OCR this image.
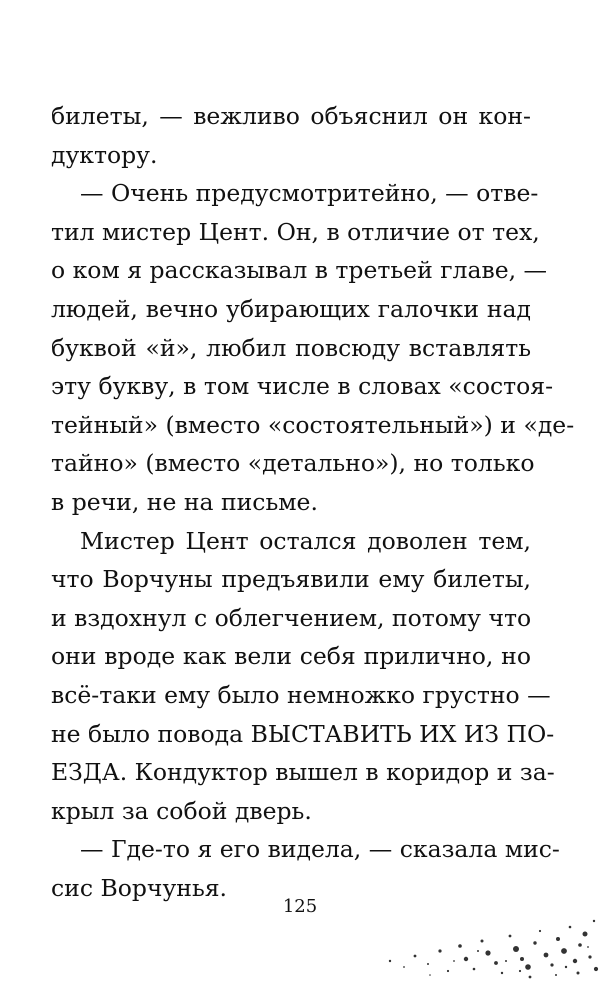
билеты, — вежливо объяснил он кон-
дуктору.
— Очень предусмотритейно, — отве-
тил мистер Цент. Он, в отличие от тех,
о ком я рассказывал в третьей главе, —
людей, вечно убирающих галочки над
буквой «й», любил повсюду вставлять
эту букву, в том числе в словах «состоя-
тейный» (вместо «состоятельный») и «де-
тайно» (вместо «детально»), но только
в речи, не на письме.
Мистер Цент остался доволен тем,
что Ворчуны предъявили ему билеты,
и вздохнул с облегчением, потому что
они вроде как вели себя прилично, но
всё-таки ему было немножко грустно —
не было повода ВЫСТАВИТЬ ИХ ИЗ ПО-
ЕЗДА. Кондуктор вышел в коридор и за-
крыл за собой дверь.
— Где-то я его видела, — сказала мис-
сис Ворчунья.
125
